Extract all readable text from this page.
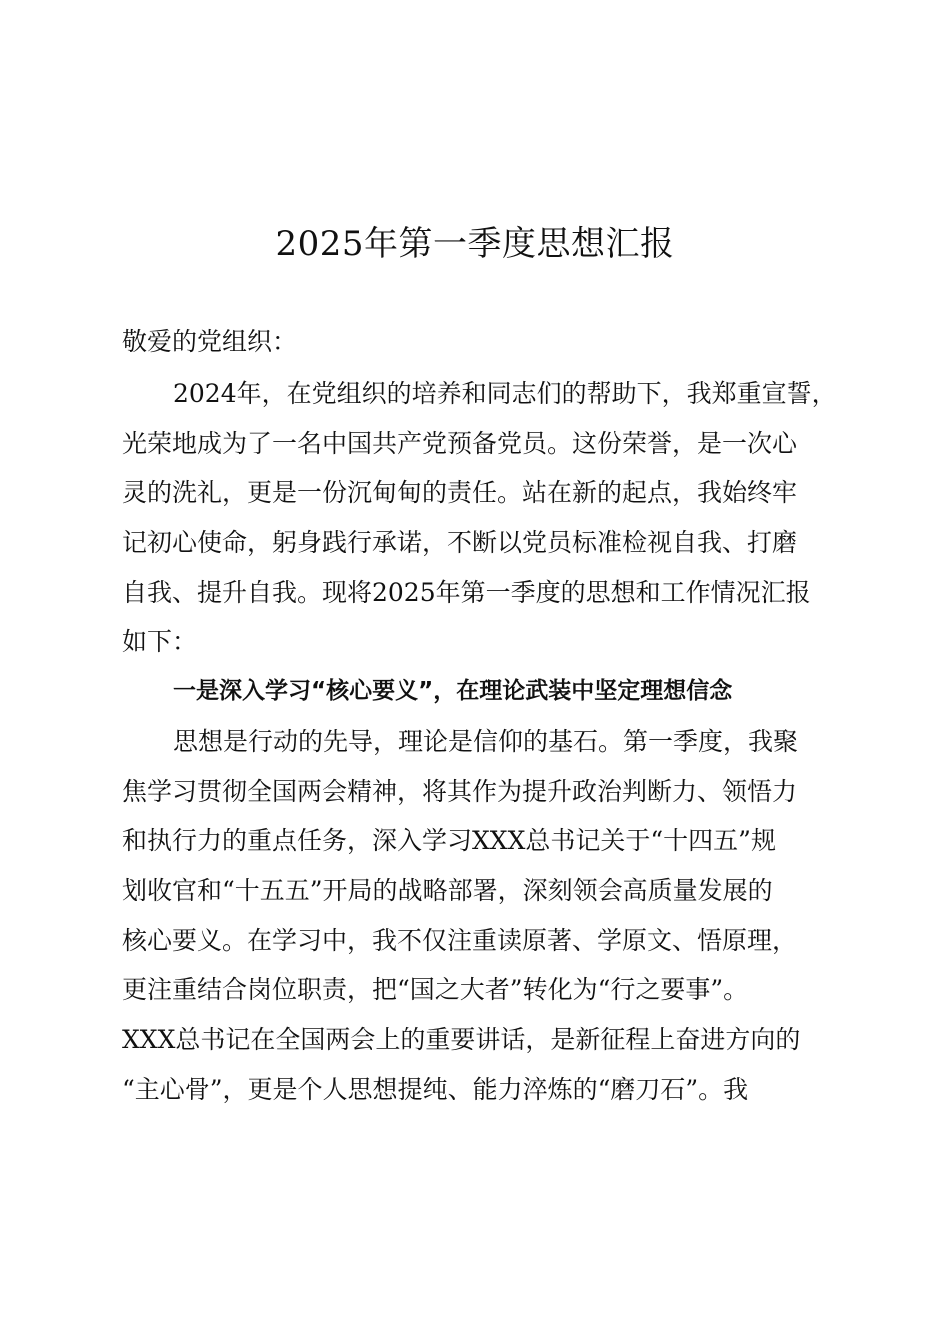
2025年第一季度思想汇报
敬爱的党组织：
2024年，在党组织的培养和同志们的帮助下，我郑重宣誓，
光荣地成为了一名中国共产党预备党员。这份荣誉，是一次心
灵的洗礼，更是一份沉甸甸的责任。站在新的起点，我始终牢
记初心使命，躬身践行承诺，不断以党员标准检视自我、打磨
自我、提升自我。现将2025年第一季度的思想和工作情况汇报
如下：
一是深入学习“核心要义”，在理论武装中坚定理想信念
思想是行动的先导，理论是信仰的基石。第一季度，我聚
焦学习贯彻全国两会精神，将其作为提升政治判断力、领悟力
和执行力的重点任务，深入学习XXX总书记关于“十四五”规
划收官和“十五五”开局的战略部署，深刻领会高质量发展的
核心要义。在学习中，我不仅注重读原著、学原文、悟原理，
更注重结合岗位职责，把“国之大者”转化为“行之要事”。
XXX总书记在全国两会上的重要讲话，是新征程上奋进方向的
“主心骨”，更是个人思想提纯、能力淬炼的“磨刀石”。我
